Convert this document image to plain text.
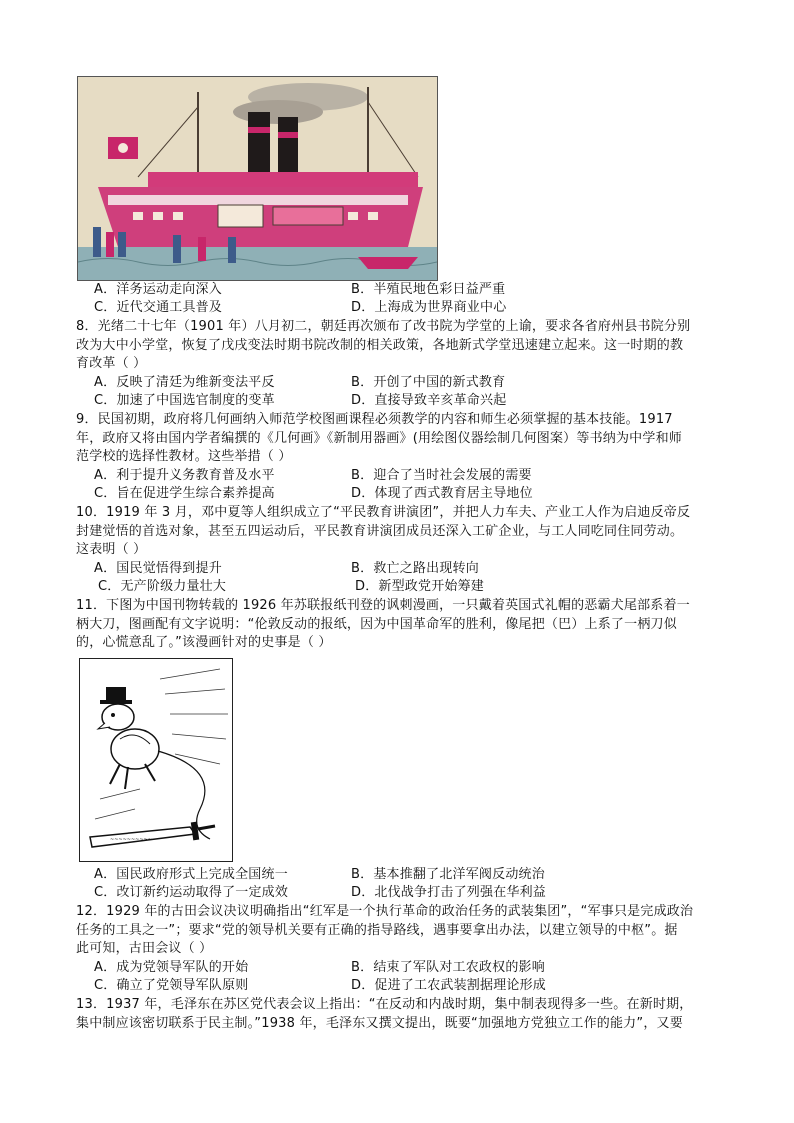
A．洋务运动走向深入	B．半殖民地色彩日益严重
C．近代交通工具普及	D．上海成为世界商业中心
8．光绪二十七年（1901 年）八月初二，朝廷再次颁布了改书院为学堂的上谕，要求各省府州县书院分别
改为大中小学堂，恢复了戊戌变法时期书院改制的相关政策，各地新式学堂迅速建立起来。这一时期的教
育改革（ ）
A．反映了清廷为维新变法平反	B．开创了中国的新式教育
C．加速了中国选官制度的变革	D．直接导致辛亥革命兴起
9．民国初期，政府将几何画纳入师范学校图画课程必须教学的内容和师生必须掌握的基本技能。1917
年，政府又将由国内学者编撰的《几何画》《新制用器画》(用绘图仪器绘制几何图案）等书纳为中学和师
范学校的选择性教材。这些举措（ ）
A．利于提升义务教育普及水平	B．迎合了当时社会发展的需要
C．旨在促进学生综合素养提高	D．体现了西式教育居主导地位
10．1919 年 3 月，邓中夏等人组织成立了“平民教育讲演团”，并把人力车夫、产业工人作为启迪反帝反
封建觉悟的首选对象，甚至五四运动后，平民教育讲演团成员还深入工矿企业，与工人同吃同住同劳动。
这表明（ ）
A．国民觉悟得到提升	B．救亡之路出现转向
C．无产阶级力量壮大	D．新型政党开始筹建
11．下图为中国刊物转载的 1926 年苏联报纸刊登的讽刺漫画，一只戴着英国式礼帽的恶霸犬尾部系着一
柄大刀，图画配有文字说明：“伦敦反动的报纸，因为中国革命军的胜利，像尾把（巴）上系了一柄刀似
的，心慌意乱了。”该漫画针对的史事是（ ）
~~~~~~~~~~
A．国民政府形式上完成全国统一	B．基本推翻了北洋军阀反动统治
C．改订新约运动取得了一定成效	D．北伐战争打击了列强在华利益
12．1929 年的古田会议决议明确指出“红军是一个执行革命的政治任务的武装集团”，“军事只是完成政治
任务的工具之一”；要求“党的领导机关要有正确的指导路线，遇事要拿出办法，以建立领导的中枢”。据
此可知，古田会议（ ）
A．成为党领导军队的开始	B．结束了军队对工农政权的影响
C．确立了党领导军队原则	D．促进了工农武装割据理论形成
13．1937 年，毛泽东在苏区党代表会议上指出：“在反动和内战时期，集中制表现得多一些。在新时期，
集中制应该密切联系于民主制。”1938 年，毛泽东又撰文提出，既要“加强地方党独立工作的能力”，又要
